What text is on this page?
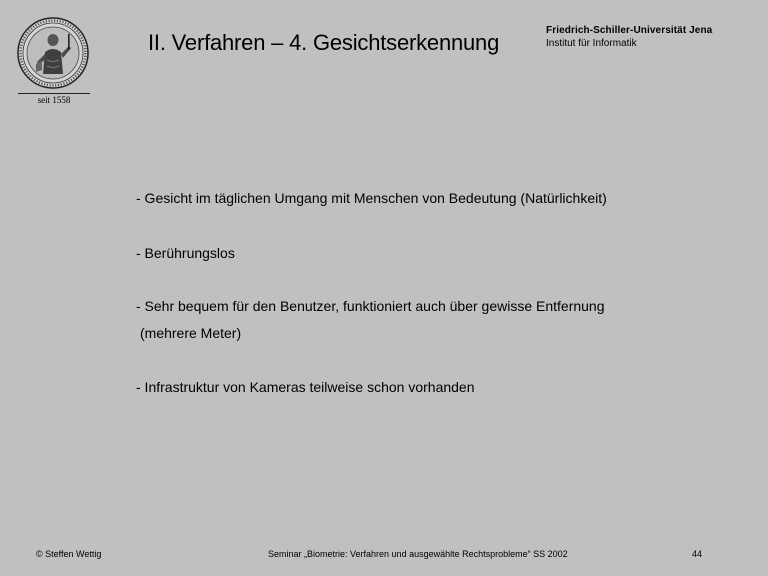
seit 1558
II. Verfahren – 4. Gesichtserkennung	Friedrich-Schiller-Universität Jena
Institut für Informatik
- Gesicht im täglichen Umgang mit Menschen von Bedeutung (Natürlichkeit)
- Berührungslos
- Sehr bequem für den Benutzer, funktioniert auch über gewisse Entfernung
(mehrere Meter)
- Infrastruktur von Kameras teilweise schon vorhanden
© Steffen Wettig	Seminar „Biometrie: Verfahren und ausgewählte Rechtsprobleme“ SS 2002	44
